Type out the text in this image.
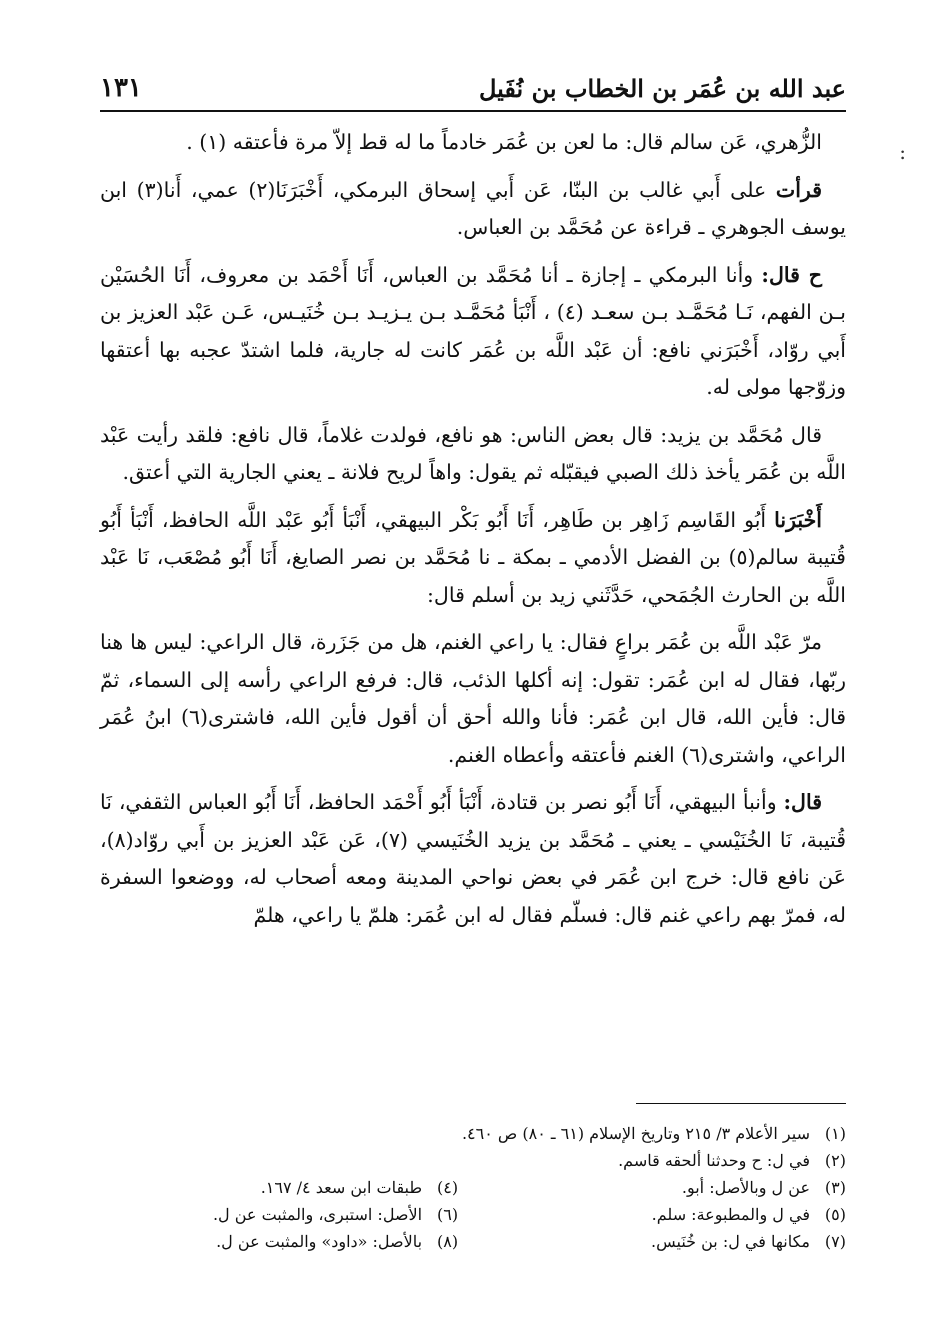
عبد الله بن عُمَر بن الخطاب بن نُفَيل
١٣١
:

الزُّهري، عَن سالم قال: ما لعن بن عُمَر خادماً ما له قط إلاّ مرة فأعتقه (١) .

قرأت على أَبي غالب بن البنّا، عَن أَبي إسحاق البرمكي، أَخْبَرَنَا(٢) عمي، أَنا(٣) ابن يوسف الجوهري ـ قراءة عن مُحَمَّد بن العباس.

ح قال: وأنا البرمكي ـ إجازة ـ أنا مُحَمَّد بن العباس، أَنَا أَحْمَد بن معروف، أَنَا الحُسَيْن بـن الفهم، نَـا مُحَمَّـد بـن سعـد (٤) ، أَنْبَأ مُحَمَّـد بـن يـزيـد بـن خُنَيـس، عَـن عَبْد العزيز بن أَبي روّاد، أَخْبَرَني نافع: أن عَبْد اللَّه بن عُمَر كانت له جارية، فلما اشتدّ عجبه بها أعتقها وزوّجها مولى له.

قال مُحَمَّد بن يزيد: قال بعض الناس: هو نافع، فولدت غلاماً، قال نافع: فلقد رأيت عَبْد اللَّه بن عُمَر يأخذ ذلك الصبي فيقبّله ثم يقول: واهاً لريح فلانة ـ يعني الجارية التي أعتق.

أَخْبَرَنا أَبُو القَاسِم زَاهِر بن طَاهِر، أَنَا أَبُو بَكْر البيهقي، أَنْبَأ أَبُو عَبْد اللَّه الحافظ، أَنْبَأ أَبُو قُتيبة سالم(٥) بن الفضل الأدمي ـ بمكة ـ نا مُحَمَّد بن نصر الصايغ، أَنَا أَبُو مُصْعَب، نَا عَبْد اللَّه بن الحارث الجُمَحي، حَدَّثَني زيد بن أسلم قال:

مرّ عَبْد اللَّه بن عُمَر براعٍ فقال: يا راعي الغنم، هل من جَزَرة، قال الراعي: ليس ها هنا ربّها، فقال له ابن عُمَر: تقول: إنه أكلها الذئب، قال: فرفع الراعي رأسه إلى السماء، ثمّ قال: فأين الله، قال ابن عُمَر: فأنا والله أحق أن أقول فأين الله، فاشترى(٦) ابنُ عُمَر الراعي، واشترى(٦) الغنم فأعتقه وأعطاه الغنم.

قال: وأنبأ البيهقي، أَنَا أَبُو نصر بن قتادة، أَنْبَأ أَبُو أَحْمَد الحافظ، أَنَا أَبُو العباس الثقفي، نَا قُتيبة، نَا الخُنَيْسي ـ يعني ـ مُحَمَّد بن يزيد الخُنَيسي (٧)، عَن عَبْد العزيز بن أَبي روّاد(٨)، عَن نافع قال: خرج ابن عُمَر في بعض نواحي المدينة ومعه أصحاب له، ووضعوا السفرة له، فمرّ بهم راعي غنم قال: فسلّم فقال له ابن عُمَر: هلمّ يا راعي، هلمّ

(١)سير الأعلام ٣/ ٢١٥ وتاريخ الإسلام (٦١ ـ ٨٠) ص ٤٦٠.
(٢)في ل: ح وحدثنا ألحقه قاسم.
(٣)عن ل وبالأصل: أبو.
(٤)طبقات ابن سعد ٤/ ١٦٧.
(٥)في ل والمطبوعة: سلم.
(٦)الأصل: استبرى، والمثبت عن ل.
(٧)مكانها في ل: بن خُنَيس.
(٨)بالأصل: «داود» والمثبت عن ل.
